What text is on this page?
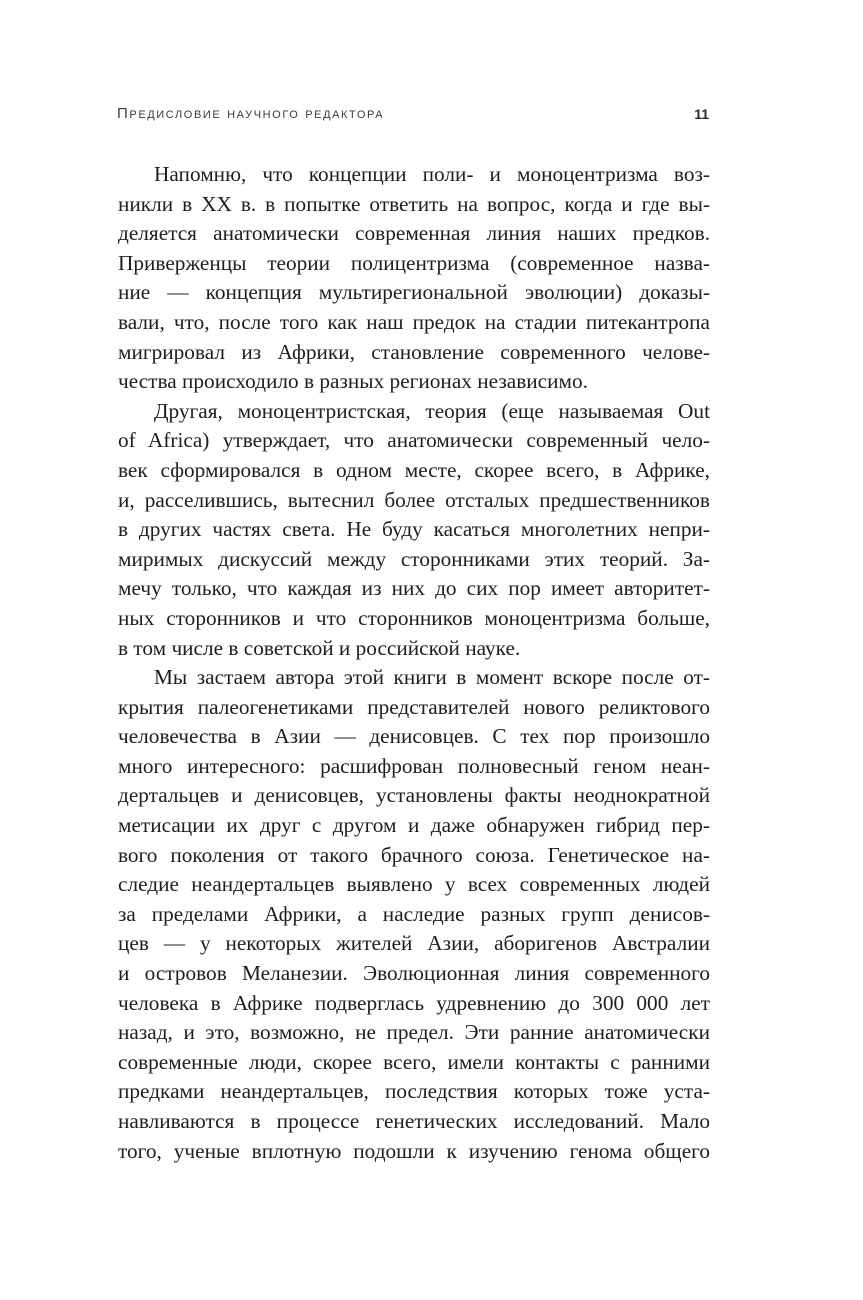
Предисловие научного редактора	11
Напомню, что концепции поли- и моноцентризма воз-
никли в XX в. в попытке ответить на вопрос, когда и где вы-
деляется анатомически современная линия наших предков.
Приверженцы теории полицентризма (современное назва-
ние — концепция мультирегиональной эволюции) доказы-
вали, что, после того как наш предок на стадии питекантропа
мигрировал из Африки, становление современного челове-
чества происходило в разных регионах независимо.
Другая, моноцентристская, теория (еще называемая Out
of Africa) утверждает, что анатомически современный чело-
век сформировался в одном месте, скорее всего, в Африке,
и, расселившись, вытеснил более отсталых предшественников
в других частях света. Не буду касаться многолетних непри-
миримых дискуссий между сторонниками этих теорий. За-
мечу только, что каждая из них до сих пор имеет авторитет-
ных сторонников и что сторонников моноцентризма больше,
в том числе в советской и российской науке.
Мы застаем автора этой книги в момент вскоре после от-
крытия палеогенетиками представителей нового реликтового
человечества в Азии — денисовцев. С тех пор произошло
много интересного: расшифрован полновесный геном неан-
дертальцев и денисовцев, установлены факты неоднократной
метисации их друг с другом и даже обнаружен гибрид пер-
вого поколения от такого брачного союза. Генетическое на-
следие неандертальцев выявлено у всех современных людей
за пределами Африки, а наследие разных групп денисов-
цев — у некоторых жителей Азии, аборигенов Австралии
и островов Меланезии. Эволюционная линия современного
человека в Африке подверглась удревнению до 300 000 лет
назад, и это, возможно, не предел. Эти ранние анатомически
современные люди, скорее всего, имели контакты с ранними
предками неандертальцев, последствия которых тоже уста-
навливаются в процессе генетических исследований. Мало
того, ученые вплотную подошли к изучению генома общего
